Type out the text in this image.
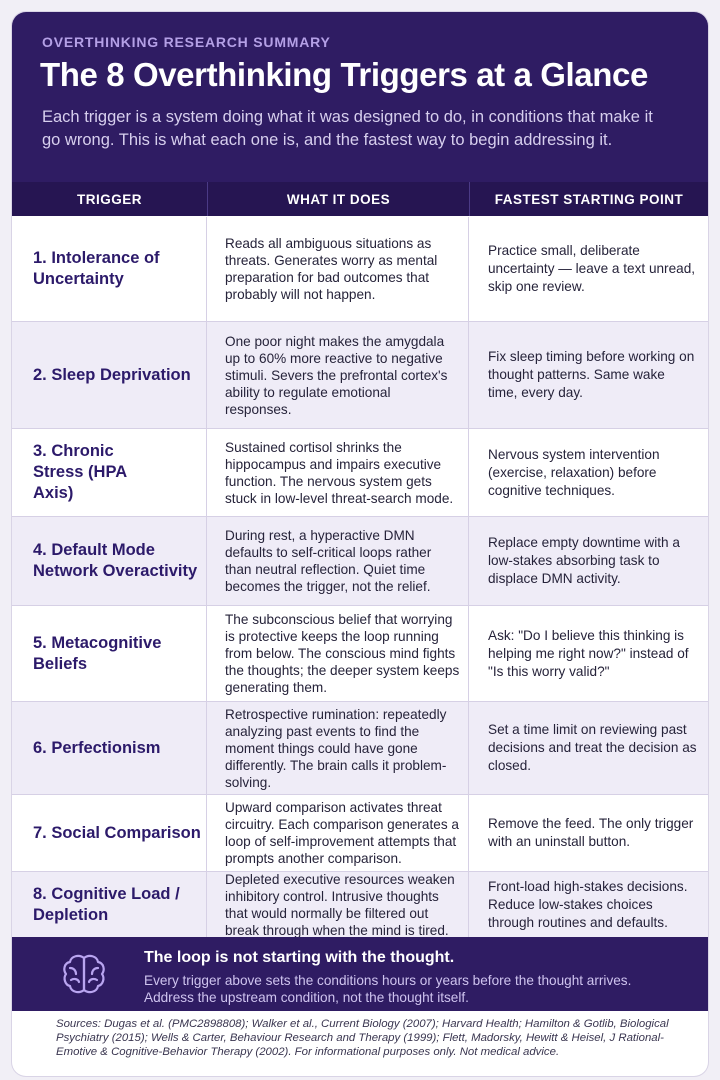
OVERTHINKING RESEARCH SUMMARY
The 8 Overthinking Triggers at a Glance
Each trigger is a system doing what it was designed to do, in conditions that make it go wrong. This is what each one is, and the fastest way to begin addressing it.
TRIGGER	WHAT IT DOES	FASTEST STARTING POINT
1. Intolerance of Uncertainty
Reads all ambiguous situations as threats. Generates worry as mental preparation for bad outcomes that probably will not happen.
Practice small, deliberate uncertainty — leave a text unread, skip one review.
2. Sleep Deprivation
One poor night makes the amygdala up to 60% more reactive to negative stimuli. Severs the prefrontal cortex's ability to regulate emotional responses.
Fix sleep timing before working on thought patterns. Same wake time, every day.
3. Chronic Stress (HPA Axis)
Sustained cortisol shrinks the hippocampus and impairs executive function. The nervous system gets stuck in low-level threat-search mode.
Nervous system intervention (exercise, relaxation) before cognitive techniques.
4. Default Mode Network Overactivity
During rest, a hyperactive DMN defaults to self-critical loops rather than neutral reflection. Quiet time becomes the trigger, not the relief.
Replace empty downtime with a low-stakes absorbing task to displace DMN activity.
5. Metacognitive Beliefs
The subconscious belief that worrying is protective keeps the loop running from below. The conscious mind fights the thoughts; the deeper system keeps generating them.
Ask: "Do I believe this thinking is helping me right now?" instead of "Is this worry valid?"
6. Perfectionism
Retrospective rumination: repeatedly analyzing past events to find the moment things could have gone differently. The brain calls it problem-solving.
Set a time limit on reviewing past decisions and treat the decision as closed.
7. Social Comparison
Upward comparison activates threat circuitry. Each comparison generates a loop of self-improvement attempts that prompts another comparison.
Remove the feed. The only trigger with an uninstall button.
8. Cognitive Load / Depletion
Depleted executive resources weaken inhibitory control. Intrusive thoughts that would normally be filtered out break through when the mind is tired.
Front-load high-stakes decisions. Reduce low-stakes choices through routines and defaults.
The loop is not starting with the thought.
Every trigger above sets the conditions hours or years before the thought arrives. Address the upstream condition, not the thought itself.
Sources: Dugas et al. (PMC2898808); Walker et al., Current Biology (2007); Harvard Health; Hamilton & Gotlib, Biological Psychiatry (2015); Wells & Carter, Behaviour Research and Therapy (1999); Flett, Madorsky, Hewitt & Heisel, J Rational-Emotive & Cognitive-Behavior Therapy (2002). For informational purposes only. Not medical advice.
